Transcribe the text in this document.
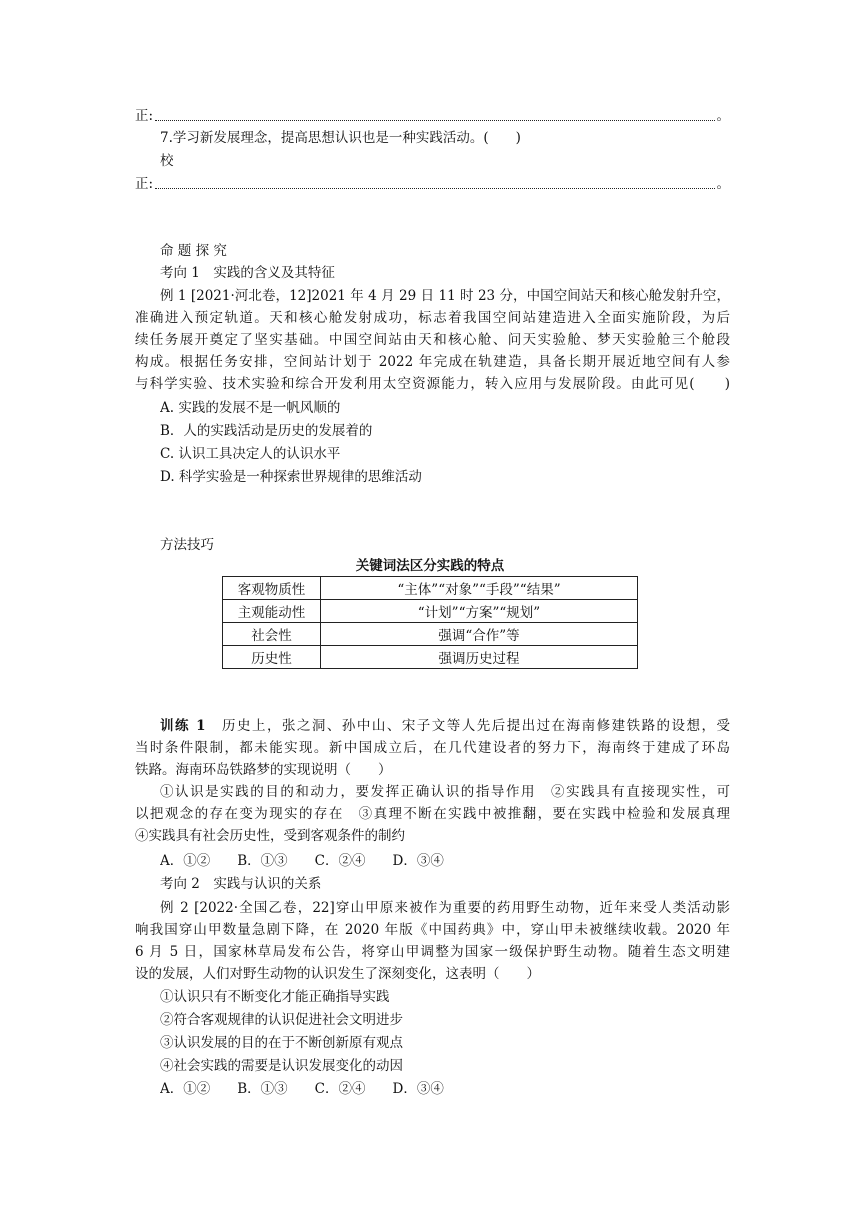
正:	。
7.学习新发展理念，提高思想认识也是一种实践活动。(　　)
校
正:	。
命 题 探 究
考向 1　实践的含义及其特征
例 1 [2021·河北卷，12]2021 年 4 月 29 日 11 时 23 分，中国空间站天和核心舱发射升空，
准确进入预定轨道。天和核心舱发射成功，标志着我国空间站建造进入全面实施阶段，为后
续任务展开奠定了坚实基础。中国空间站由天和核心舱、问天实验舱、梦天实验舱三个舱段
构成。根据任务安排，空间站计划于 2022 年完成在轨建造，具备长期开展近地空间有人参
与科学实验、技术实验和综合开发利用太空资源能力，转入应用与发展阶段。由此可见(　　)
A. 实践的发展不是一帆风顺的
B．人的实践活动是历史的发展着的
C. 认识工具决定人的认识水平
D. 科学实验是一种探索世界规律的思维活动
方法技巧
关键词法区分实践的特点
客观物质性	“主体”“对象”“手段”“结果”
主观能动性	“计划”“方案”“规划”
社会性	强调“合作”等
历史性	强调历史过程
训练 1　历史上，张之洞、孙中山、宋子文等人先后提出过在海南修建铁路的设想，受
当时条件限制，都未能实现。新中国成立后，在几代建设者的努力下，海南终于建成了环岛
铁路。海南环岛铁路梦的实现说明（　　）
①认识是实践的目的和动力，要发挥正确认识的指导作用　②实践具有直接现实性，可
以把观念的存在变为现实的存在　③真理不断在实践中被推翻，要在实践中检验和发展真理
④实践具有社会历史性，受到客观条件的制约
A．①②　　B．①③　　C．②④　　D．③④
考向 2　实践与认识的关系
例 2 [2022·全国乙卷，22]穿山甲原来被作为重要的药用野生动物，近年来受人类活动影
响我国穿山甲数量急剧下降，在 2020 年版《中国药典》中，穿山甲未被继续收载。2020 年
6 月 5 日，国家林草局发布公告，将穿山甲调整为国家一级保护野生动物。随着生态文明建
设的发展，人们对野生动物的认识发生了深刻变化，这表明（　　）
①认识只有不断变化才能正确指导实践
②符合客观规律的认识促进社会文明进步
③认识发展的目的在于不断创新原有观点
④社会实践的需要是认识发展变化的动因
A．①②　　B．①③　　C．②④　　D．③④
